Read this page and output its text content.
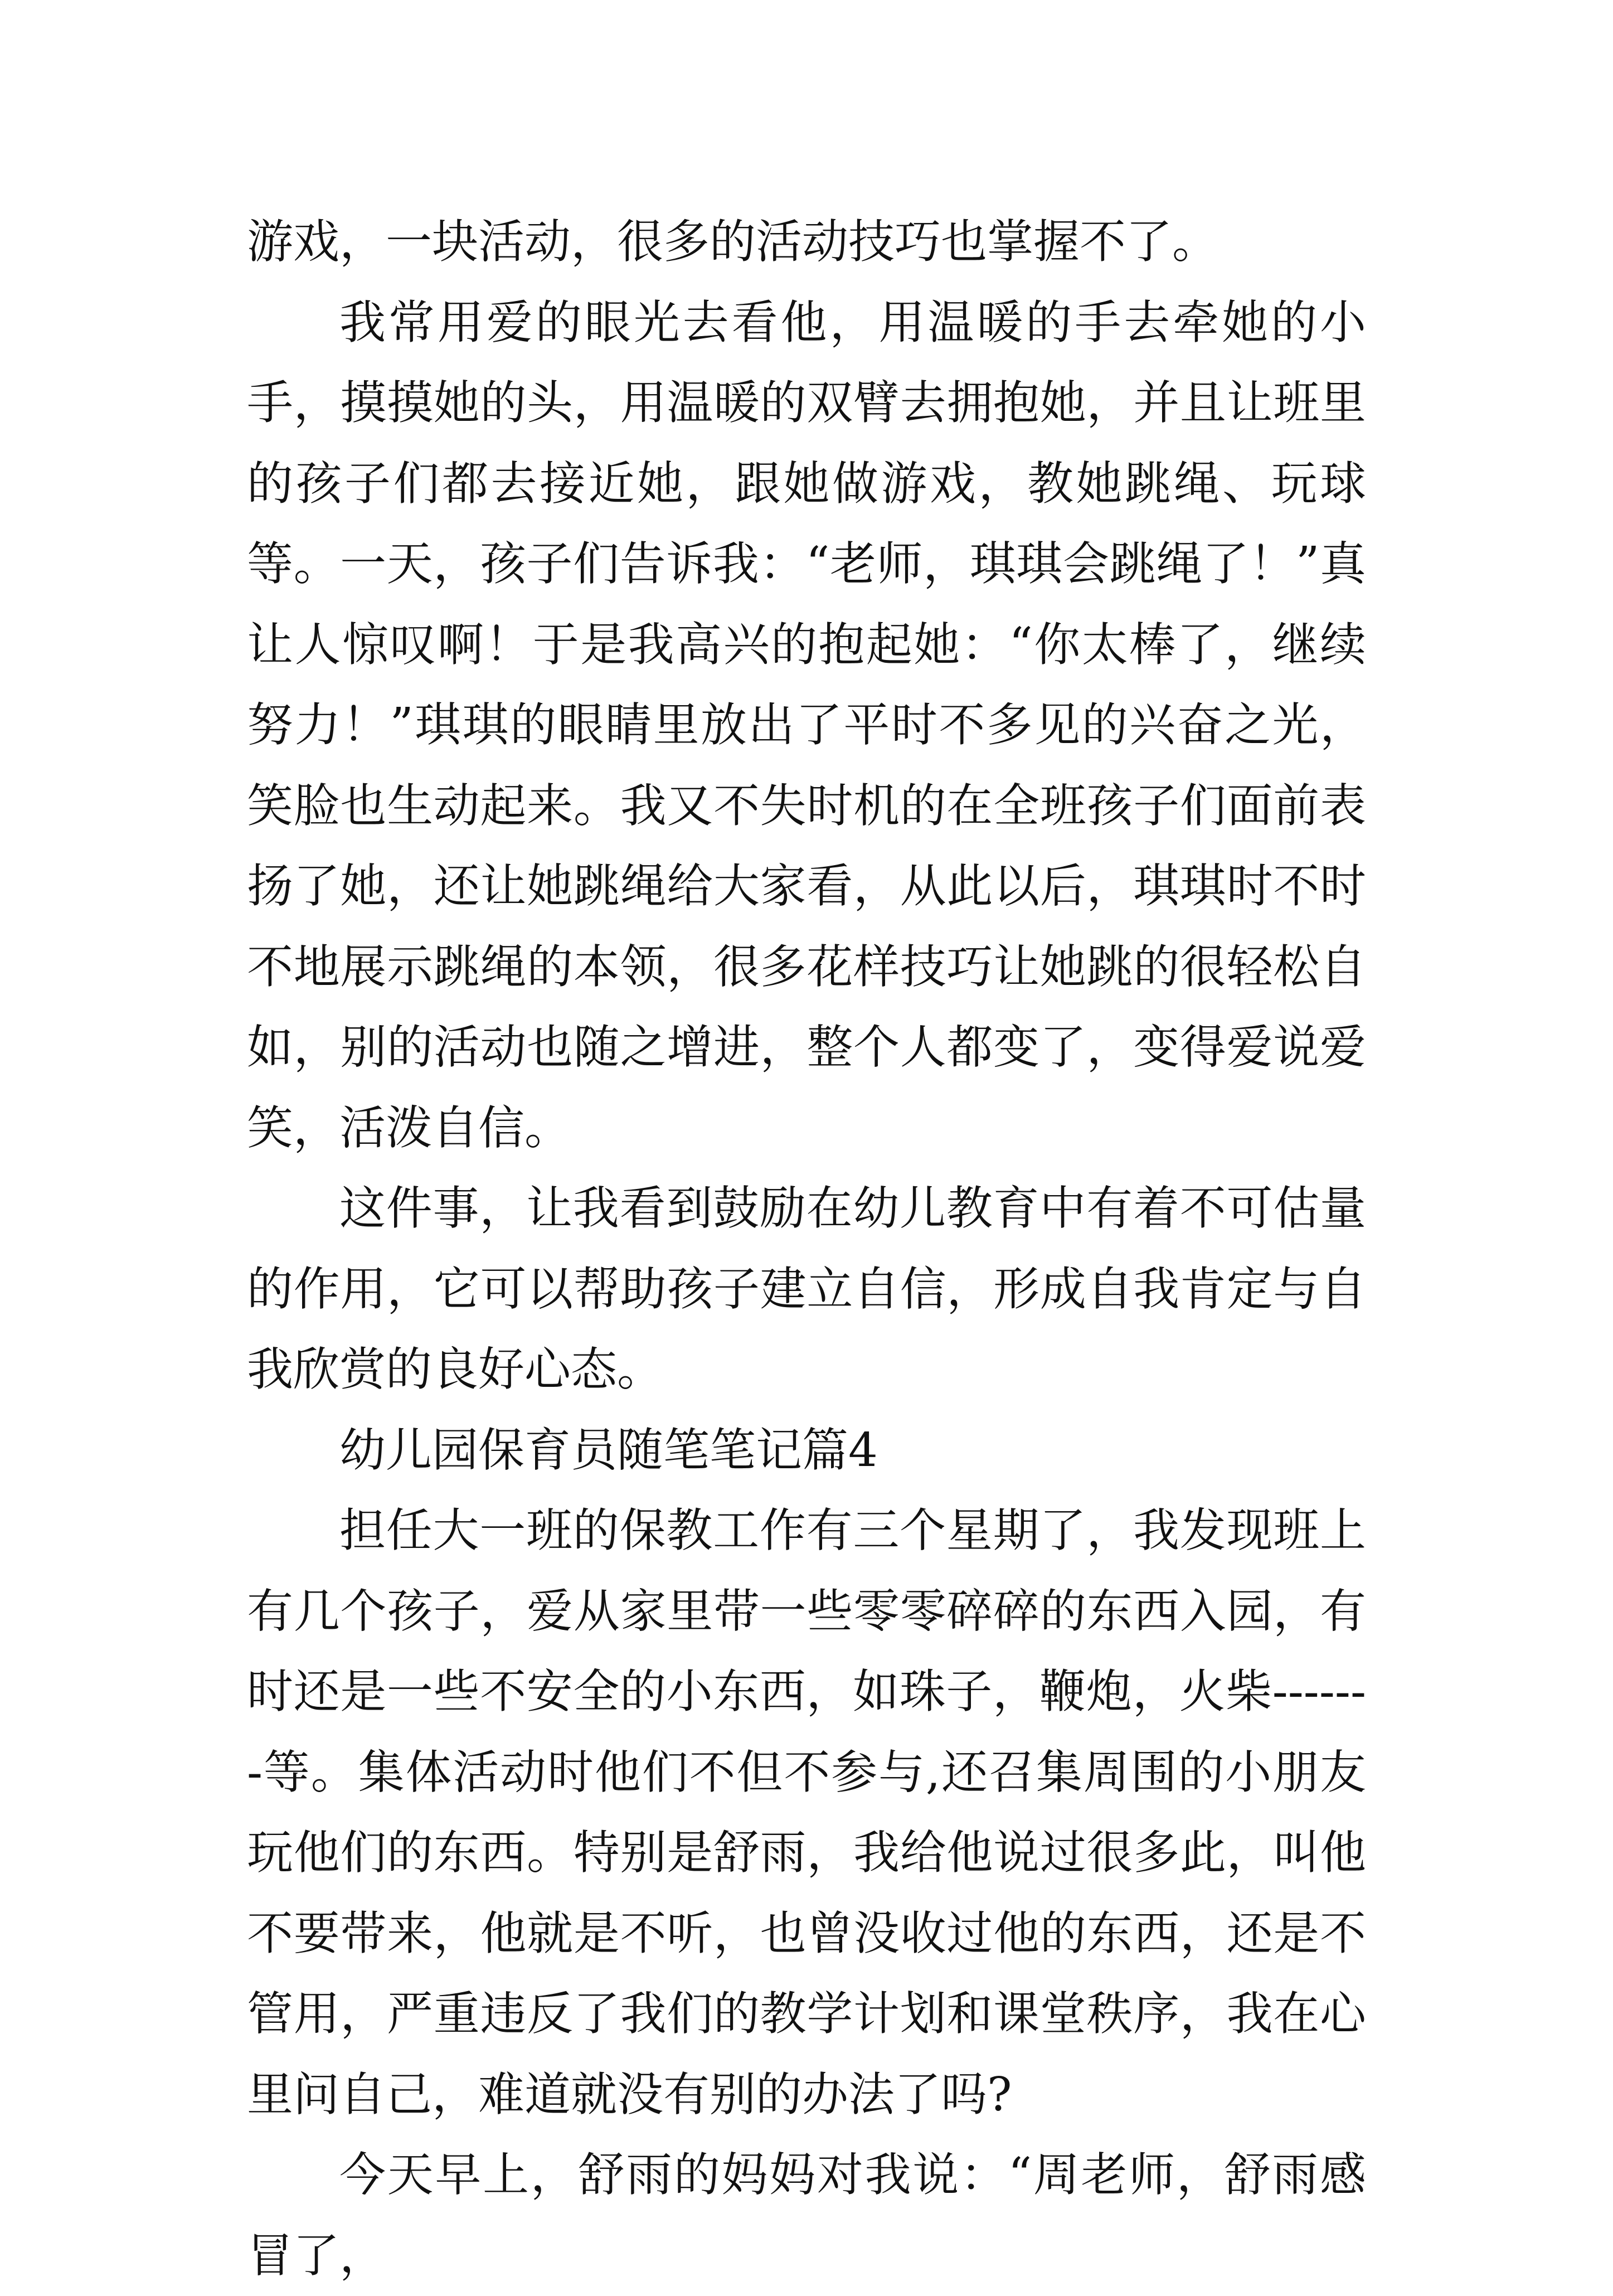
游戏，一块活动，很多的活动技巧也掌握不了。

我常用爱的眼光去看他，用温暖的手去牵她的小手，摸摸她的头，用温暖的双臂去拥抱她，并且让班里的孩子们都去接近她，跟她做游戏，教她跳绳、玩球等。一天，孩子们告诉我：“老师，琪琪会跳绳了！”真让人惊叹啊！于是我高兴的抱起她：“你太棒了，继续努力！”琪琪的眼睛里放出了平时不多见的兴奋之光，笑脸也生动起来。我又不失时机的在全班孩子们面前表扬了她，还让她跳绳给大家看，从此以后，琪琪时不时不地展示跳绳的本领，很多花样技巧让她跳的很轻松自如，别的活动也随之增进，整个人都变了，变得爱说爱笑，活泼自信。

这件事，让我看到鼓励在幼儿教育中有着不可估量的作用，它可以帮助孩子建立自信，形成自我肯定与自我欣赏的良好心态。

幼儿园保育员随笔笔记篇4

担任大一班的保教工作有三个星期了，我发现班上有几个孩子，爱从家里带一些零零碎碎的东西入园，有时还是一些不安全的小东西，如珠子，鞭炮，火柴-------等。集体活动时他们不但不参与,还召集周围的小朋友玩他们的东西。特别是舒雨，我给他说过很多此，叫他不要带来，他就是不听，也曾没收过他的东西，还是不管用，严重违反了我们的教学计划和课堂秩序，我在心里问自己，难道就没有别的办法了吗?

今天早上，舒雨的妈妈对我说：“周老师，舒雨感冒了，
